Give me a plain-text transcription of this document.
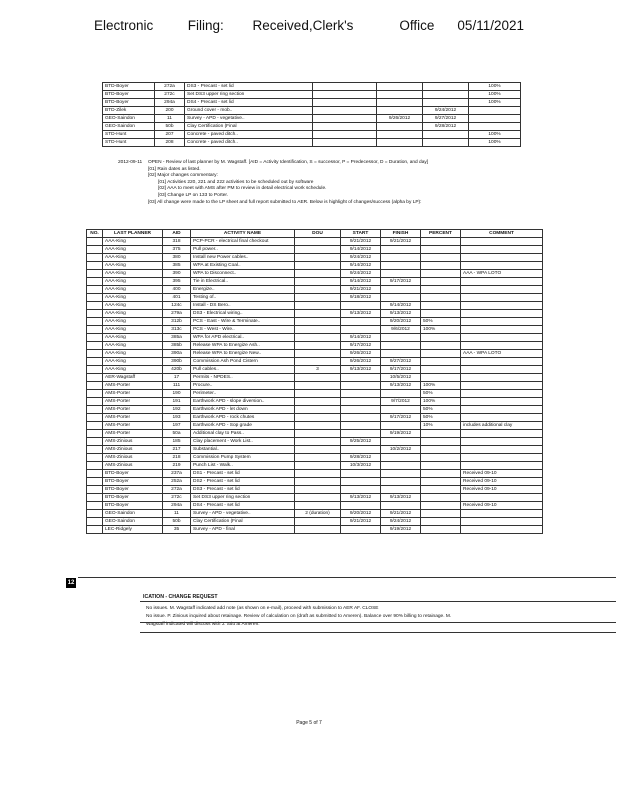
Electronic      Filing:     Received,Clerk's        Office    05/11/2021
BTD-Boyer	272a	DS3 - Precast - set lid				100%
BTD-Boyer	272c	Set DS3 upper ring section				100%
BTD-Boyer	294a	DS4 - Precast - set lid				100%
BTD-Zilek	200	Ground cover - mob..			9/24/2012	
GEO-Saindon	11	Survey - APD - vegetative..		9/26/2012	9/27/2012	
GEO-Saindon	50b	Clay Certification (Final			9/28/2012	
STD-Hunt	207	Concrete - paved ditch..				100%
STD-Hunt	208	Concrete - paved ditch..				100%
2012-09-11	OPEN - Review of last planner by M. Wagstaff. [AID = Activity Identification, S = successor, P = Predecessor, D = Duration, and day]
[01] Rain dates as listed.
[02] Major changes commentary:
[01] Activities 220, 221 and 222 activities to be scheduled out by software
[02] AAA to meet with AMS after PM to review in detail electrical work schedule.
[03] Change LP on 133 to Porter.
[03] All change were made to the LP sheet and full report submitted to AER. Below is highlight of changes/success (alpha by LP):
NO.	LAST PLANNER	AID	ACTIVITY NAME	DOU	START	FINISH	PERCENT	COMMENT
	AAA-King	318	PCP-PCR - electrical final checkout		9/21/2012	9/21/2012		
	AAA-King	375	Pull power..		9/14/2012			
	AAA-King	380	Install new Power cables..		9/24/2012			
	AAA-King	385	WPA at Existing Coal..		9/14/2012			
	AAA-King	390	WPA to Disconnect..		9/24/2012			AAA - WPA LOTO
	AAA-King	395	Tie in Electrical..		9/14/2012	9/17/2012		
	AAA-King	400	Energize..		9/21/2012			
	AAA-King	401	Testing of..		9/18/2012			
	AAA-King	124c	Install - DS Bero..			9/14/2012		
	AAA-King	279a	DS3 - Electrical wiring..		9/13/2012	9/13/2012		
	AAA-King	312b	PCS - East - Wire & Terminate..			9/20/2012	50%	
	AAA-King	313c	PCS - West - Wire..			9/6/2012	100%	
	AAA-King	385a	WPA for APD electrical..		9/14/2012			
	AAA-King	385b	Release WPA to Energize Ash..		9/17/2012			
	AAA-King	390a	Release WPA to Energize New..		9/26/2012			AAA - WPA LOTO
	AAA-King	390b	Commission Ash Pond Cistern		9/26/2012	9/27/2012		
	AAA-King	420b	Pull cables..	3	9/13/2012	9/17/2012		
	AER-Wagstaff	17	Permits - NPDES..			10/5/2012		
	AMS-Porter	111	Procure..			9/13/2012	100%	
	AMS-Porter	190	Perimeter..				50%	
	AMS-Porter	191	Earthwork APD - slope diversion..			9/7/2012	100%	
	AMS-Porter	192	Earthwork APD - let down				50%	
	AMS-Porter	193	Earthwork APD - rock chutes			9/17/2012	50%	
	AMS-Porter	197	Earthwork APD - Sop grade				10%	includes additional clay
	AMS-Porter	50a	Additional clay to Pass..			9/19/2012		
	AMS-Zinious	185	Clay placement - Work List..		9/25/2012			
	AMS-Zinious	217	Substantial..			10/2/2012		
	AMS-Zinious	218	Commission Pump System		9/28/2012			
	AMS-Zinious	219	Punch List - Walk..		10/3/2012			
	BTD-Boyer	237a	DS1 - Precast - set lid					Received 09-10
	BTD-Boyer	252a	DS2 - Precast - set lid					Received 09-10
	BTD-Boyer	272a	DS3 - Precast - set lid					Received 09-10
	BTD-Boyer	272c	Set DS3 upper ring section		9/13/2012	9/13/2012		
	BTD-Boyer	294a	DS4 - Precast - set lid					Received 09-10
	GEO-Saindon	11	Survey - APD - vegetative..	2 (duration)	9/20/2012	9/21/2012		
	GEO-Saindon	50b	Clay Certification (Final		9/21/2012	9/24/2012		
	LEC-Ridgely	35	Survey - APD - final			9/19/2012		
12
ICATION - CHANGE REQUEST
No issues. M. Wagstaff indicated add note (as shown on e-mail), proceed with submission to AER AF. CLOSE
No issue. P. Zinious inquired about retainage. Review of calculation on (draft as submitted to Ameren). Balance over 90% billing to retainage. M.
Wagstaff indicated will discuss with J. Stitt at Ameren.
Page 5 of 7
